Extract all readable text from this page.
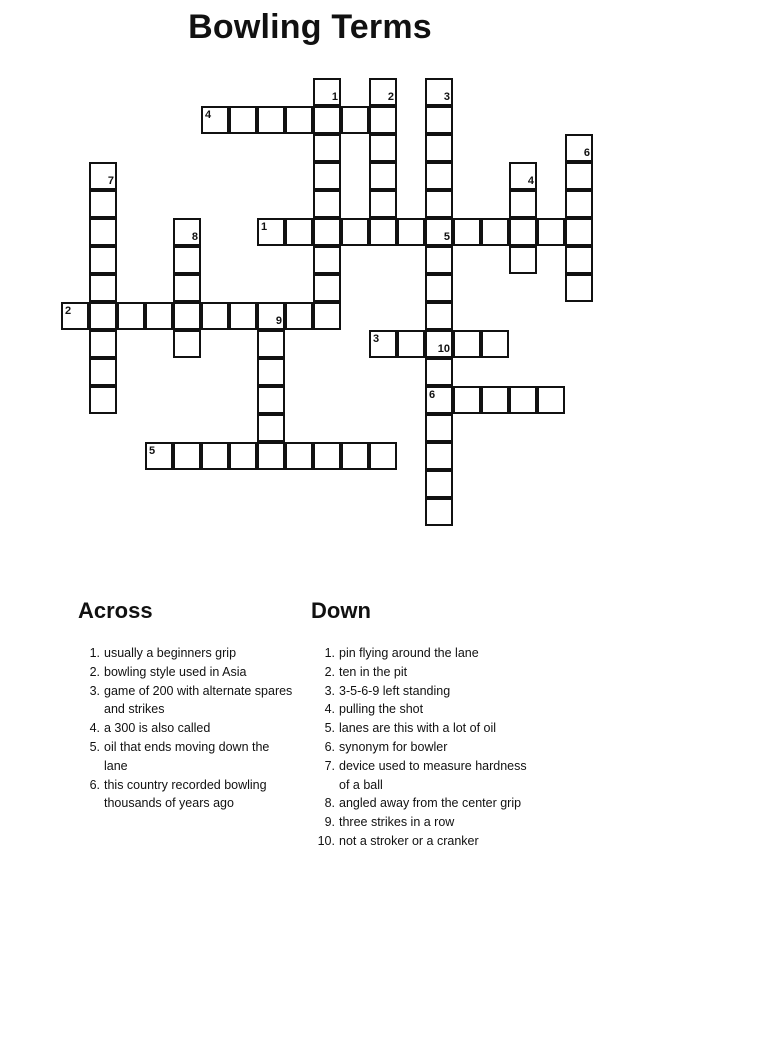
Bowling Terms
4
1
5
2
9
3
10
6
5
1	2	3
6
4
7
8
Across
1. usually a beginners grip
2. bowling style used in Asia
3. game of 200 with alternate spares and strikes
4. a 300 is also called
5. oil that ends moving down the lane
6. this country recorded bowling thousands of years ago
Down
1. pin flying around the lane
2. ten in the pit
3. 3-5-6-9 left standing
4. pulling the shot
5. lanes are this with a lot of oil
6. synonym for bowler
7. device used to measure hardness of a ball
8. angled away from the center grip
9. three strikes in a row
10. not a stroker or a cranker
